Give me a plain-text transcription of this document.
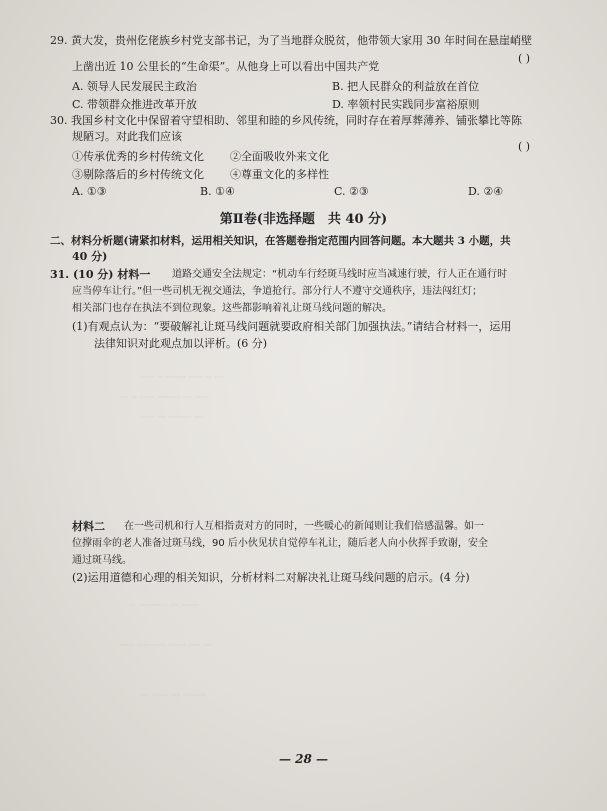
··· ·· ····· ······· ·· ·····
····· ··· ········ ····· ·· ···
··· ········ ··· ·····
······ ··· ·········· ··
··· ···· ······ ·········· ·····
········ ··· ······ ···
29. 黄大发，贵州仡佬族乡村党支部书记，为了当地群众脱贫，他带领大家用 30 年时间在悬崖峭壁
上凿出近 10 公里长的“生命渠”。从他身上可以看出中国共产党
( )
A. 领导人民发展民主政治	B. 把人民群众的利益放在首位
C. 带领群众推进改革开放	D. 率领村民实践同步富裕原则
30. 我国乡村文化中保留着守望相助、邻里和睦的乡风传统，同时存在着厚葬薄养、铺张攀比等陈
规陋习。对此我们应该
( )
①传承优秀的乡村传统文化 ②全面吸收外来文化
③剔除落后的乡村传统文化 ④尊重文化的多样性
A. ①③	B. ①④	C. ②③	D. ②④
第Ⅱ卷(非选择题　共 40 分)
二、材料分析题(请紧扣材料，运用相关知识，在答题卷指定范围内回答问题。本大题共 3 小题，共
40 分)
31. (10 分) 材料一 道路交通安全法规定：“机动车行经斑马线时应当减速行驶，行人正在通行时
应当停车让行。”但一些司机无视交通法，争道抢行。部分行人不遵守交通秩序，违法闯红灯；
相关部门也存在执法不到位现象。这些都影响着礼让斑马线问题的解决。
(1)有观点认为：“要破解礼让斑马线问题就要政府相关部门加强执法。”请结合材料一，运用
法律知识对此观点加以评析。(6 分)
材料二 在一些司机和行人互相指责对方的同时，一些暖心的新闻则让我们倍感温馨。如一
位撑雨伞的老人准备过斑马线，90 后小伙见状自觉停车礼让，随后老人向小伙挥手致谢，安全
通过斑马线。
(2)运用道德和心理的相关知识，分析材料二对解决礼让斑马线问题的启示。(4 分)
— 28 —
